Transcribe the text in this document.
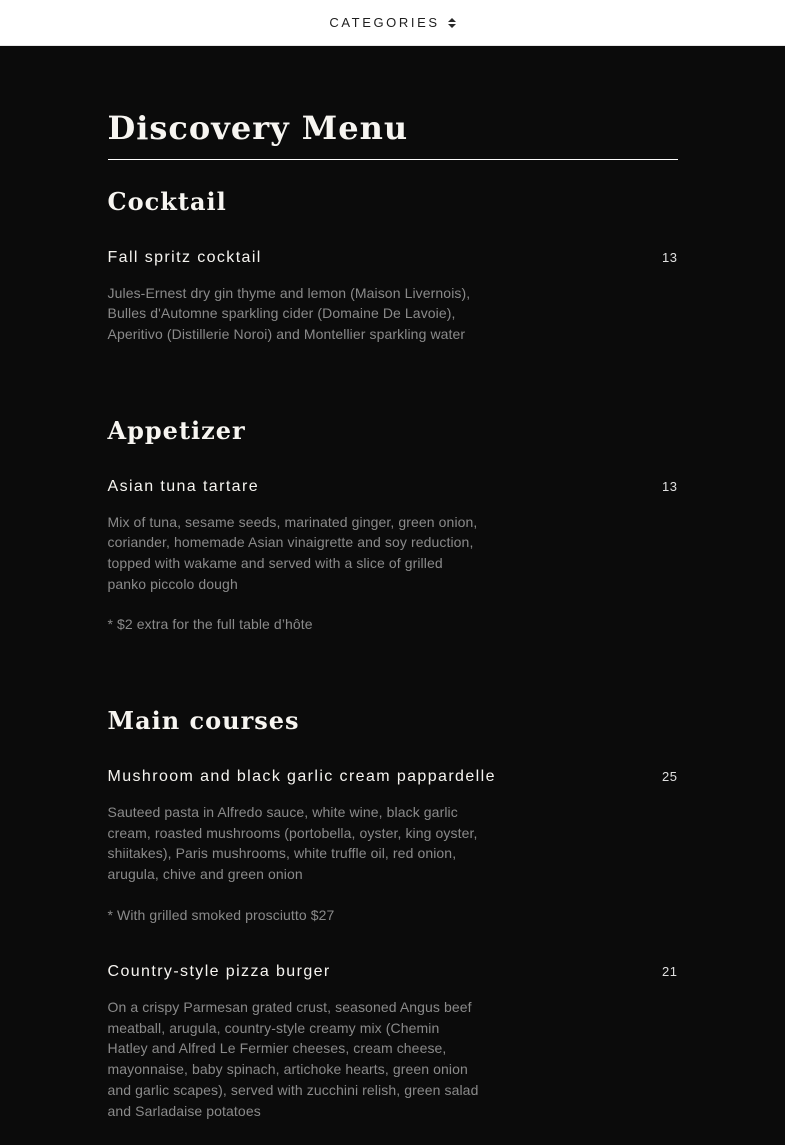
CATEGORIES
Discovery Menu
Cocktail
Fall spritz cocktail	13

Jules-Ernest dry gin thyme and lemon (Maison Livernois), Bulles d'Automne sparkling cider (Domaine De Lavoie), Aperitivo (Distillerie Noroi) and Montellier sparkling water

Appetizer
Asian tuna tartare	13

Mix of tuna, sesame seeds, marinated ginger, green onion, coriander, homemade Asian vinaigrette and soy reduction, topped with wakame and served with a slice of grilled panko piccolo dough

* $2 extra for the full table d’hôte

Main courses
Mushroom and black garlic cream pappardelle	25

Sauteed pasta in Alfredo sauce, white wine, black garlic cream, roasted mushrooms (portobella, oyster, king oyster, shiitakes), Paris mushrooms, white truffle oil, red onion, arugula, chive and green onion

* With grilled smoked prosciutto $27

Country-style pizza burger	21

On a crispy Parmesan grated crust, seasoned Angus beef meatball, arugula, country-style creamy mix (Chemin Hatley and Alfred Le Fermier cheeses, cream cheese, mayonnaise, baby spinach, artichoke hearts, green onion and garlic scapes), served with zucchini relish, green salad and Sarladaise potatoes
